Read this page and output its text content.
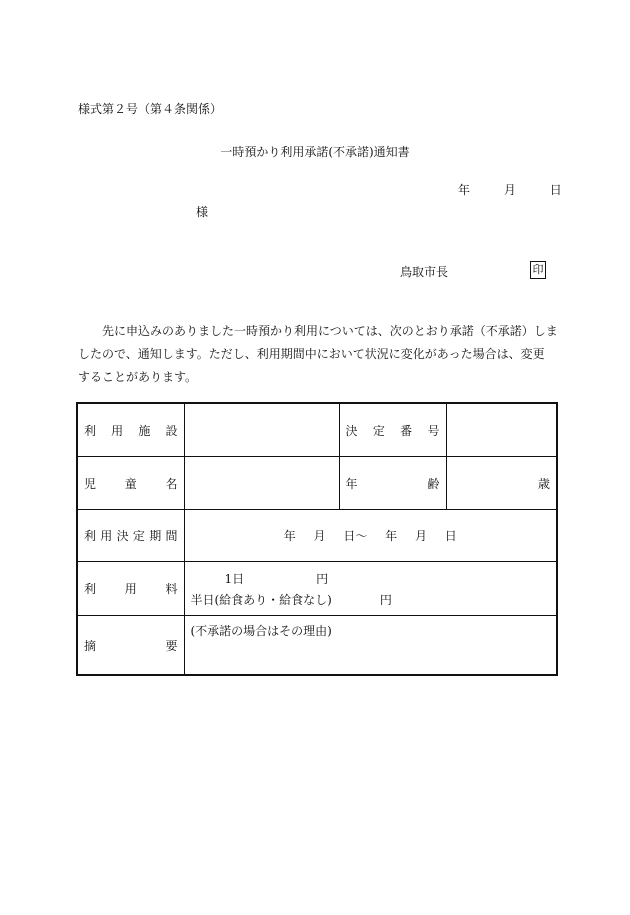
様式第２号（第４条関係）
一時預かり利用承諾(不承諾)通知書
年	月	日
様
鳥取市長	印

先に申込みのありました一時預かり利用については、次のとおり承諾（不承諾）しま

したので、通知します。ただし、利用期間中において状況に変化があった場合は、変更

することがあります。

利用施設		決定番号	
児童名		年齢	歳
利用決定期間	年 月 日～ 年 月 日		
利用料	1日　　　　　　円
半日(給食あり・給食なし)　　　　円		

摘要	(不承諾の場合はその理由)		
